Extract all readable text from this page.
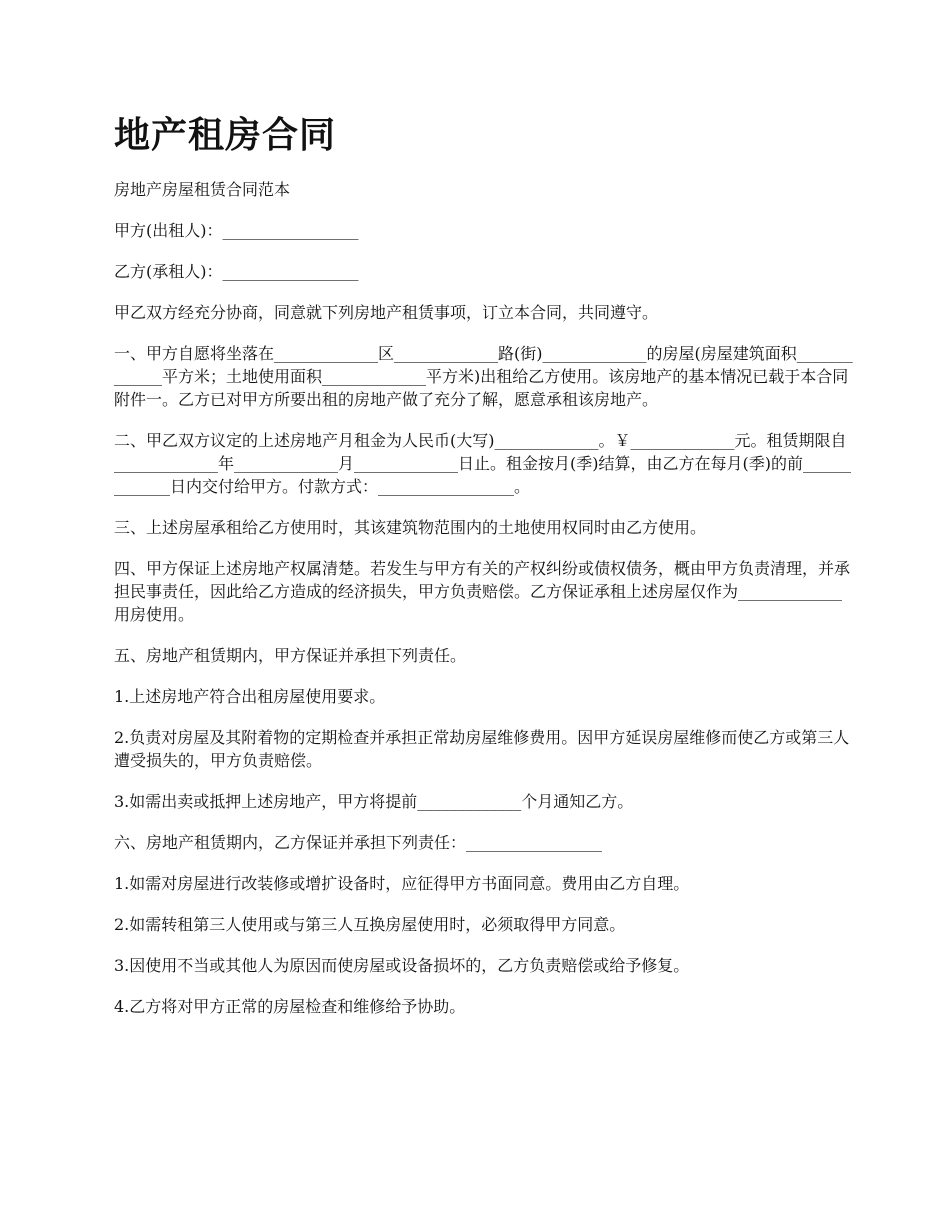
地产租房合同

房地产房屋租赁合同范本

甲方(出租人)：_________________

乙方(承租人)：_________________

甲乙双方经充分协商，同意就下列房地产租赁事项，订立本合同，共同遵守。

一、甲方自愿将坐落在_____________区_____________路(街)_____________的房屋(房屋建筑面积_____________平方米；土地使用面积_____________平方米)出租给乙方使用。该房地产的基本情况已载于本合同附件一。乙方已对甲方所要出租的房地产做了充分了解，愿意承租该房地产。

二、甲乙双方议定的上述房地产月租金为人民币(大写)_____________。￥_____________元。租赁期限自_____________年_____________月_____________日止。租金按月(季)结算，由乙方在每月(季)的前_____________日内交付给甲方。付款方式：_________________。

三、上述房屋承租给乙方使用时，其该建筑物范围内的土地使用权同时由乙方使用。

四、甲方保证上述房地产权属清楚。若发生与甲方有关的产权纠纷或债权债务，概由甲方负责清理，并承担民事责任，因此给乙方造成的经济损失，甲方负责赔偿。乙方保证承租上述房屋仅作为_____________用房使用。

五、房地产租赁期内，甲方保证并承担下列责任。

1.上述房地产符合出租房屋使用要求。

2.负责对房屋及其附着物的定期检查并承担正常劫房屋维修费用。因甲方延误房屋维修而使乙方或第三人遭受损失的，甲方负责赔偿。

3.如需出卖或抵押上述房地产，甲方将提前_____________个月通知乙方。

六、房地产租赁期内，乙方保证并承担下列责任：_________________

1.如需对房屋进行改装修或增扩设备时，应征得甲方书面同意。费用由乙方自理。

2.如需转租第三人使用或与第三人互换房屋使用时，必须取得甲方同意。

3.因使用不当或其他人为原因而使房屋或设备损坏的，乙方负责赔偿或给予修复。

4.乙方将对甲方正常的房屋检查和维修给予协助。
